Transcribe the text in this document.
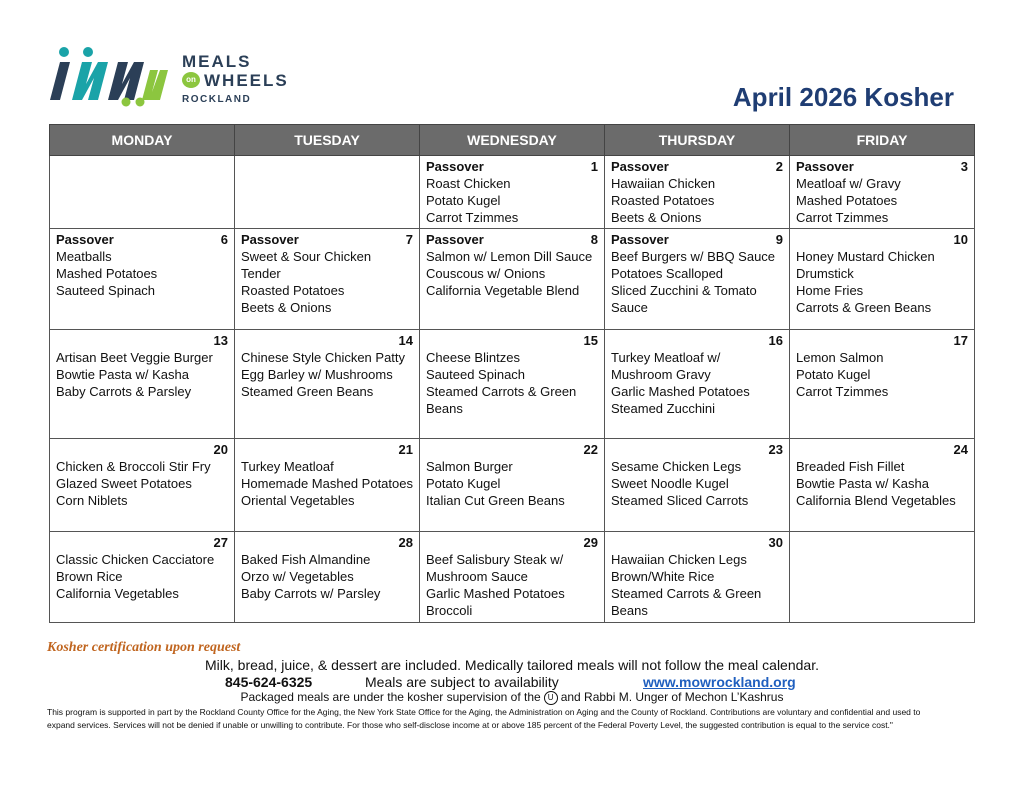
MEALS
on WHEELS
ROCKLAND	April 2026 Kosher
MONDAY	TUESDAY	WEDNESDAY	THURSDAY	FRIDAY

		Passover 1
Roast Chicken
Potato Kugel
Carrot Tzimmes	Passover 2
Hawaiian Chicken
Roasted Potatoes
Beets & Onions	Passover 3
Meatloaf w/ Gravy
Mashed Potatoes
Carrot Tzimmes

Passover 6
Meatballs
Mashed Potatoes
Sauteed Spinach	Passover 7
Sweet & Sour Chicken Tender
Roasted Potatoes
Beets & Onions	Passover 8
Salmon w/ Lemon Dill Sauce
Couscous w/ Onions
California Vegetable Blend	Passover 9
Beef Burgers w/ BBQ Sauce
Potatoes Scalloped
Sliced Zucchini & Tomato Sauce	10
Honey Mustard Chicken Drumstick
Home Fries
Carrots & Green Beans

13
Artisan Beet Veggie Burger
Bowtie Pasta w/ Kasha
Baby Carrots & Parsley	14
Chinese Style Chicken Patty
Egg Barley w/ Mushrooms
Steamed Green Beans	15
Cheese Blintzes
Sauteed Spinach
Steamed Carrots & Green Beans	16
Turkey Meatloaf w/ Mushroom Gravy
Garlic Mashed Potatoes
Steamed Zucchini	17
Lemon Salmon
Potato Kugel
Carrot Tzimmes

20
Chicken & Broccoli Stir Fry
Glazed Sweet Potatoes
Corn Niblets	21
Turkey Meatloaf
Homemade Mashed Potatoes
Oriental Vegetables	22
Salmon Burger
Potato Kugel
Italian Cut Green Beans	23
Sesame Chicken Legs
Sweet Noodle Kugel
Steamed Sliced Carrots	24
Breaded Fish Fillet
Bowtie Pasta w/ Kasha
California Blend Vegetables

27
Classic Chicken Cacciatore
Brown Rice
California Vegetables	28
Baked Fish Almandine
Orzo w/ Vegetables
Baby Carrots w/ Parsley	29
Beef Salisbury Steak w/ Mushroom Sauce
Garlic Mashed Potatoes
Broccoli	30
Hawaiian Chicken Legs
Brown/White Rice
Steamed Carrots & Green Beans	

Kosher certification upon request
Milk, bread, juice, & dessert are included. Medically tailored meals will not follow the meal calendar.
845-624-6325	Meals are subject to availability	www.mowrockland.org
Packaged meals are under the kosher supervision of the U and Rabbi M. Unger of Mechon L’Kashrus
This program is supported in part by the Rockland County Office for the Aging, the New York State Office for the Aging, the Administration on Aging and the County of Rockland. Contributions are voluntary and confidential and used to expand services. Services will not be denied if unable or unwilling to contribute. For those who self-disclose income at or above 185 percent of the Federal Poverty Level, the suggested contribution is equal to the service cost."
